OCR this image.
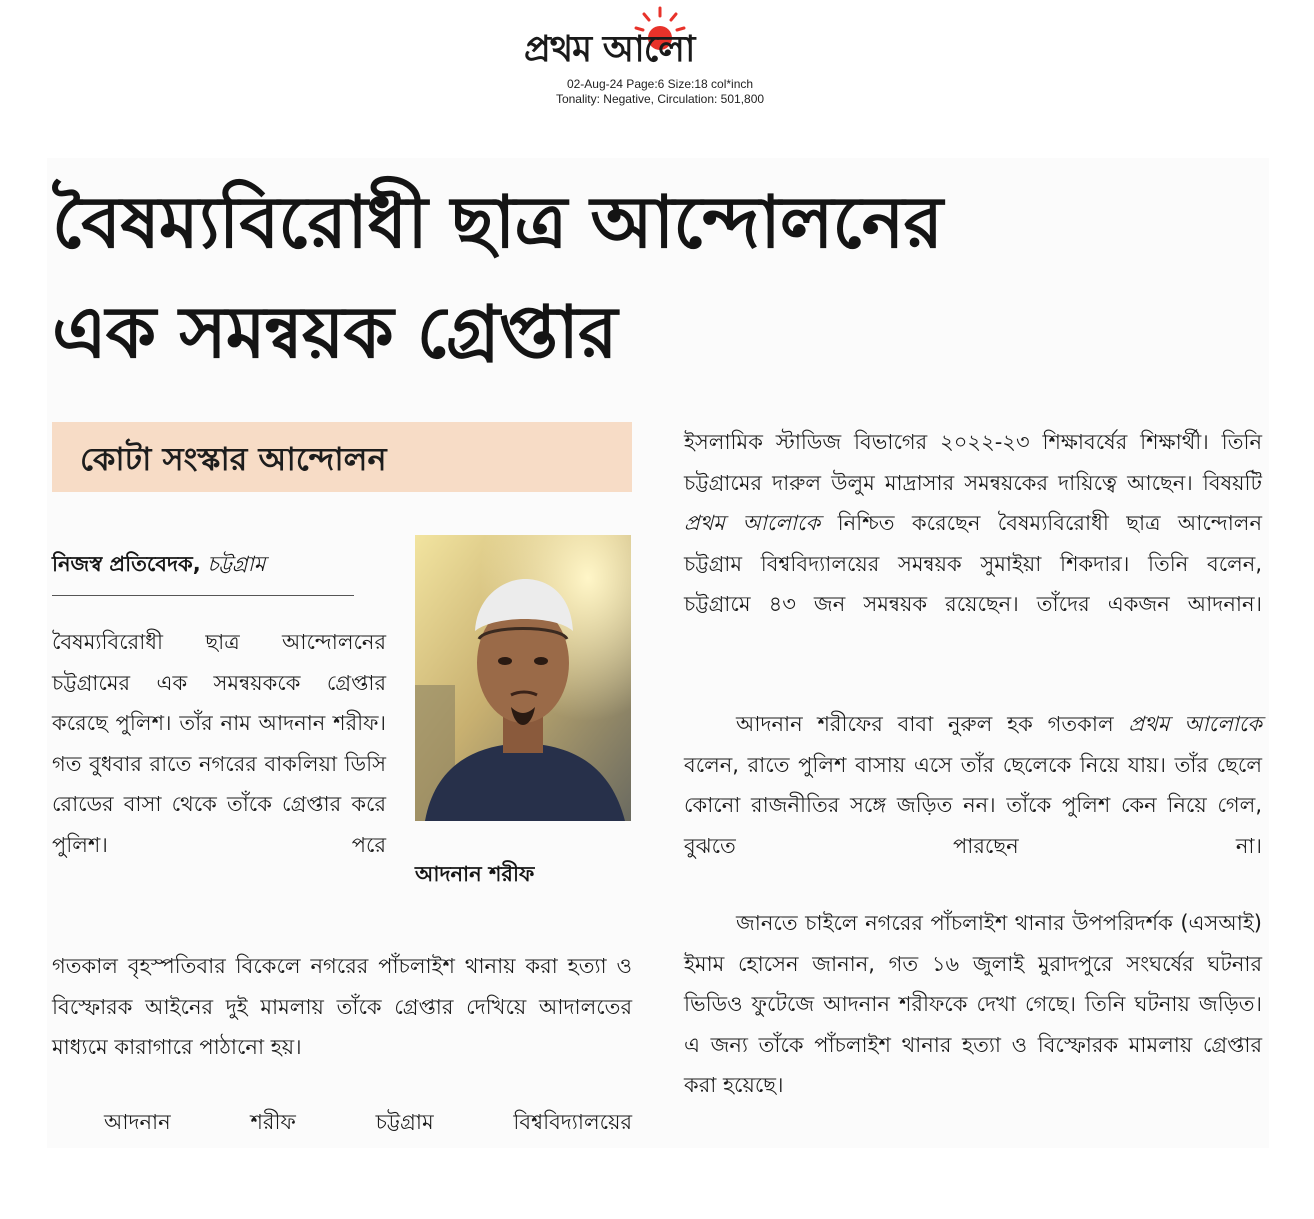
প্রথম আলো
02-Aug-24 Page:6 Size:18 col*inch
Tonality: Negative, Circulation: 501,800
বৈষম্যবিরোধী ছাত্র আন্দোলনের
এক সমন্বয়ক গ্রেপ্তার
কোটা সংস্কার আন্দোলন
নিজস্ব প্রতিবেদক, চট্টগ্রাম

বৈষম্যবিরোধী ছাত্র আন্দোলনের চট্টগ্রামের এক সমন্বয়ককে গ্রেপ্তার করেছে পুলিশ। তাঁর নাম আদনান শরীফ। গত বুধবার রাতে নগরের বাকলিয়া ডিসি রোডের বাসা থেকে তাঁকে গ্রেপ্তার করে পুলিশ। পরে

গতকাল বৃহস্পতিবার বিকেলে নগরের পাঁচলাইশ থানায় করা হত্যা ও বিস্ফোরক আইনের দুই মামলায় তাঁকে গ্রেপ্তার দেখিয়ে আদালতের মাধ্যমে কারাগারে পাঠানো হয়।

আদনান শরীফ চট্টগ্রাম বিশ্ববিদ্যালয়ের

আদনান শরীফ

ইসলামিক স্টাডিজ বিভাগের ২০২২-২৩ শিক্ষাবর্ষের শিক্ষার্থী। তিনি চট্টগ্রামের দারুল উলুম মাদ্রাসার সমন্বয়কের দায়িত্বে আছেন। বিষয়টি প্রথম আলোকে নিশ্চিত করেছেন বৈষম্যবিরোধী ছাত্র আন্দোলন চট্টগ্রাম বিশ্ববিদ্যালয়ের সমন্বয়ক সুমাইয়া শিকদার। তিনি বলেন, চট্টগ্রামে ৪৩ জন সমন্বয়ক রয়েছেন। তাঁদের একজন আদনান।

আদনান শরীফের বাবা নুরুল হক গতকাল প্রথম আলোকে বলেন, রাতে পুলিশ বাসায় এসে তাঁর ছেলেকে নিয়ে যায়। তাঁর ছেলে কোনো রাজনীতির সঙ্গে জড়িত নন। তাঁকে পুলিশ কেন নিয়ে গেল, বুঝতে পারছেন না।

জানতে চাইলে নগরের পাঁচলাইশ থানার উপপরিদর্শক (এসআই) ইমাম হোসেন জানান, গত ১৬ জুলাই মুরাদপুরে সংঘর্ষের ঘটনার ভিডিও ফুটেজে আদনান শরীফকে দেখা গেছে। তিনি ঘটনায় জড়িত। এ জন্য তাঁকে পাঁচলাইশ থানার হত্যা ও বিস্ফোরক মামলায় গ্রেপ্তার করা হয়েছে।
